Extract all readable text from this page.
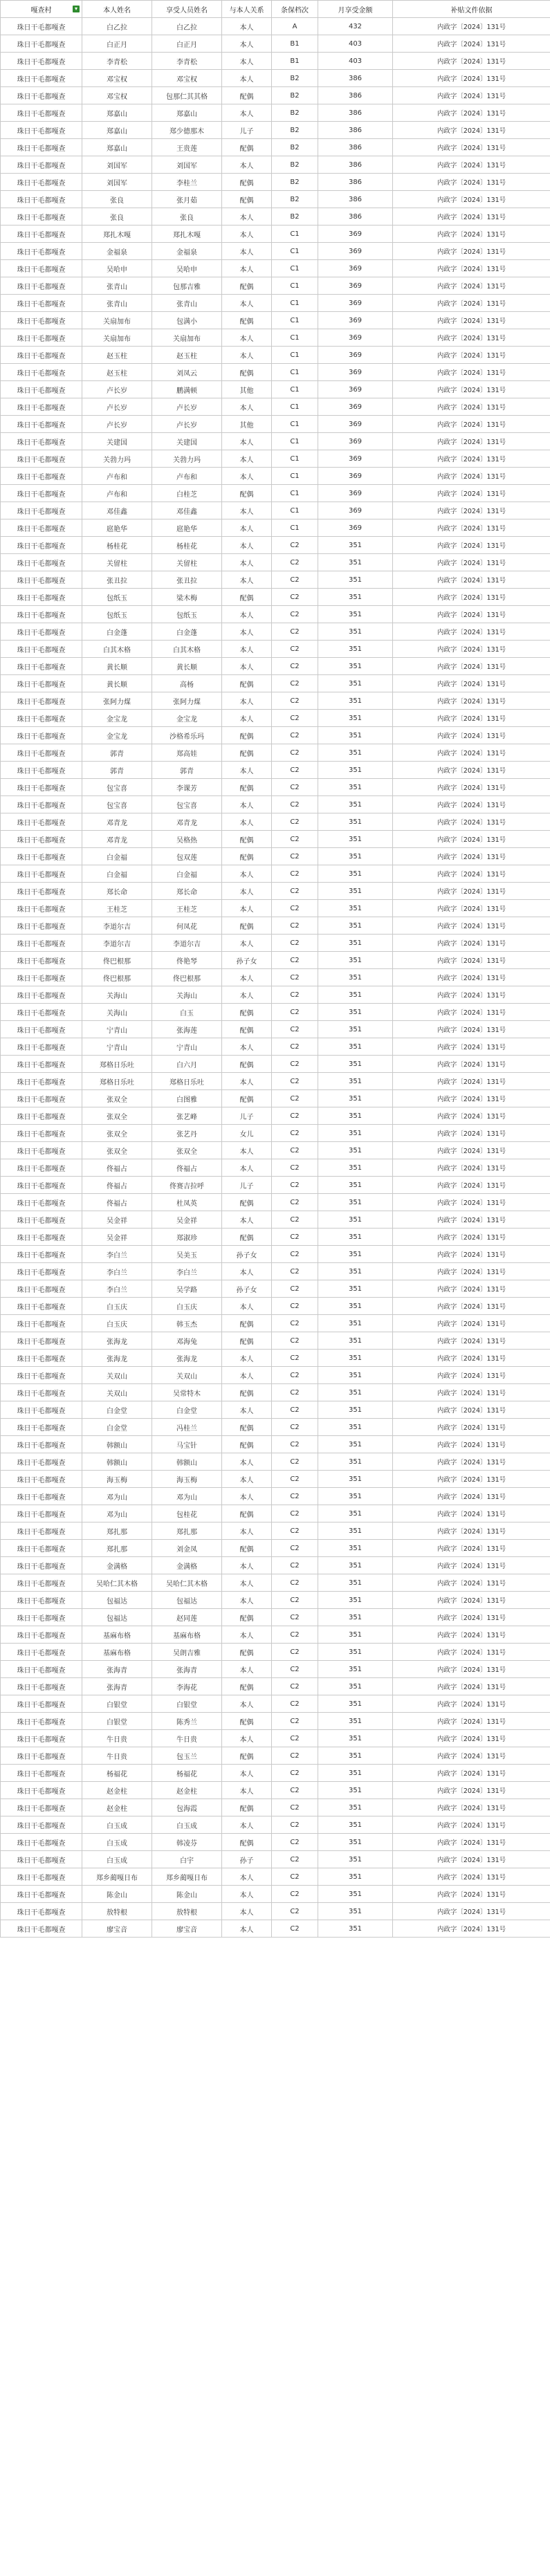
嘎查村 ▾	本人姓名	享受人员姓名	与本人关系	条保档次	月享受金额	补贴文件依据
珠日干毛都嘎查	白乙拉	白乙拉	本人	A	432	内政字〔2024〕131号
珠日干毛都嘎查	白正月	白正月	本人	B1	403	内政字〔2024〕131号
珠日干毛都嘎查	李青松	李青松	本人	B1	403	内政字〔2024〕131号
珠日干毛都嘎查	邓宝权	邓宝权	本人	B2	386	内政字〔2024〕131号
珠日干毛都嘎查	邓宝权	包那仁其其格	配偶	B2	386	内政字〔2024〕131号
珠日干毛都嘎查	郑嘉山	郑嘉山	本人	B2	386	内政字〔2024〕131号
珠日干毛都嘎查	郑嘉山	郑少德那木	儿子	B2	386	内政字〔2024〕131号
珠日干毛都嘎查	郑嘉山	王贵莲	配偶	B2	386	内政字〔2024〕131号
珠日干毛都嘎查	刘国军	刘国军	本人	B2	386	内政字〔2024〕131号
珠日干毛都嘎查	刘国军	李桂兰	配偶	B2	386	内政字〔2024〕131号
珠日干毛都嘎查	张良	张月茹	配偶	B2	386	内政字〔2024〕131号
珠日干毛都嘎查	张良	张良	本人	B2	386	内政字〔2024〕131号
珠日干毛都嘎查	郑扎木嘎	郑扎木嘎	本人	C1	369	内政字〔2024〕131号
珠日干毛都嘎查	金福泉	金福泉	本人	C1	369	内政字〔2024〕131号
珠日干毛都嘎查	吴哈申	吴哈申	本人	C1	369	内政字〔2024〕131号
珠日干毛都嘎查	张青山	包那吉雅	配偶	C1	369	内政字〔2024〕131号
珠日干毛都嘎查	张青山	张青山	本人	C1	369	内政字〔2024〕131号
珠日干毛都嘎查	关扇加布	包满小	配偶	C1	369	内政字〔2024〕131号
珠日干毛都嘎查	关扇加布	关扇加布	本人	C1	369	内政字〔2024〕131号
珠日干毛都嘎查	赵玉柱	赵玉柱	本人	C1	369	内政字〔2024〕131号
珠日干毛都嘎查	赵玉柱	刘凤云	配偶	C1	369	内政字〔2024〕131号
珠日干毛都嘎查	卢长岁	鹏满顿	其他	C1	369	内政字〔2024〕131号
珠日干毛都嘎查	卢长岁	卢长岁	本人	C1	369	内政字〔2024〕131号
珠日干毛都嘎查	卢长岁	卢长岁	其他	C1	369	内政字〔2024〕131号
珠日干毛都嘎查	关建国	关建国	本人	C1	369	内政字〔2024〕131号
珠日干毛都嘎查	关勃力玛	关勃力玛	本人	C1	369	内政字〔2024〕131号
珠日干毛都嘎查	卢布和	卢布和	本人	C1	369	内政字〔2024〕131号
珠日干毛都嘎查	卢布和	白桂芝	配偶	C1	369	内政字〔2024〕131号
珠日干毛都嘎查	邓佳鑫	邓佳鑫	本人	C1	369	内政字〔2024〕131号
珠日干毛都嘎查	扈艳华	扈艳华	本人	C1	369	内政字〔2024〕131号
珠日干毛都嘎查	杨桂花	杨桂花	本人	C2	351	内政字〔2024〕131号
珠日干毛都嘎查	关留柱	关留柱	本人	C2	351	内政字〔2024〕131号
珠日干毛都嘎查	张丑拉	张丑拉	本人	C2	351	内政字〔2024〕131号
珠日干毛都嘎查	包纸玉	梁木梅	配偶	C2	351	内政字〔2024〕131号
珠日干毛都嘎查	包纸玉	包纸玉	本人	C2	351	内政字〔2024〕131号
珠日干毛都嘎查	白金蓬	白金蓬	本人	C2	351	内政字〔2024〕131号
珠日干毛都嘎查	白其木格	白其木格	本人	C2	351	内政字〔2024〕131号
珠日干毛都嘎查	黄长顺	黄长顺	本人	C2	351	内政字〔2024〕131号
珠日干毛都嘎查	黄长顺	高杨	配偶	C2	351	内政字〔2024〕131号
珠日干毛都嘎查	张阿力煤	张阿力煤	本人	C2	351	内政字〔2024〕131号
珠日干毛都嘎查	金宝龙	金宝龙	本人	C2	351	内政字〔2024〕131号
珠日干毛都嘎查	金宝龙	沙格希乐玛	配偶	C2	351	内政字〔2024〕131号
珠日干毛都嘎查	郭青	郑高娃	配偶	C2	351	内政字〔2024〕131号
珠日干毛都嘎查	郭青	郭青	本人	C2	351	内政字〔2024〕131号
珠日干毛都嘎查	包宝喜	李课芳	配偶	C2	351	内政字〔2024〕131号
珠日干毛都嘎查	包宝喜	包宝喜	本人	C2	351	内政字〔2024〕131号
珠日干毛都嘎查	邓青龙	邓青龙	本人	C2	351	内政字〔2024〕131号
珠日干毛都嘎查	邓青龙	吴格热	配偶	C2	351	内政字〔2024〕131号
珠日干毛都嘎查	白金福	包双莲	配偶	C2	351	内政字〔2024〕131号
珠日干毛都嘎查	白金福	白金福	本人	C2	351	内政字〔2024〕131号
珠日干毛都嘎查	郑长命	郑长命	本人	C2	351	内政字〔2024〕131号
珠日干毛都嘎查	王桂芝	王桂芝	本人	C2	351	内政字〔2024〕131号
珠日干毛都嘎查	李道尔吉	何凤花	配偶	C2	351	内政字〔2024〕131号
珠日干毛都嘎查	李道尔吉	李道尔吉	本人	C2	351	内政字〔2024〕131号
珠日干毛都嘎查	佟巴根那	佟艳琴	孙子女	C2	351	内政字〔2024〕131号
珠日干毛都嘎查	佟巴根那	佟巴根那	本人	C2	351	内政字〔2024〕131号
珠日干毛都嘎查	关海山	关海山	本人	C2	351	内政字〔2024〕131号
珠日干毛都嘎查	关海山	白玉	配偶	C2	351	内政字〔2024〕131号
珠日干毛都嘎查	宁青山	张海莲	配偶	C2	351	内政字〔2024〕131号
珠日干毛都嘎查	宁青山	宁青山	本人	C2	351	内政字〔2024〕131号
珠日干毛都嘎查	郑格日乐吐	白六月	配偶	C2	351	内政字〔2024〕131号
珠日干毛都嘎查	郑格日乐吐	郑格日乐吐	本人	C2	351	内政字〔2024〕131号
珠日干毛都嘎查	张双全	白图雅	配偶	C2	351	内政字〔2024〕131号
珠日干毛都嘎查	张双全	张艺峰	儿子	C2	351	内政字〔2024〕131号
珠日干毛都嘎查	张双全	张艺丹	女儿	C2	351	内政字〔2024〕131号
珠日干毛都嘎查	张双全	张双全	本人	C2	351	内政字〔2024〕131号
珠日干毛都嘎查	佟福占	佟福占	本人	C2	351	内政字〔2024〕131号
珠日干毛都嘎查	佟福占	佟赛吉拉呼	儿子	C2	351	内政字〔2024〕131号
珠日干毛都嘎查	佟福占	杜凤英	配偶	C2	351	内政字〔2024〕131号
珠日干毛都嘎查	吴金祥	吴金祥	本人	C2	351	内政字〔2024〕131号
珠日干毛都嘎查	吴金祥	郑淑珍	配偶	C2	351	内政字〔2024〕131号
珠日干毛都嘎查	李白兰	吴美玉	孙子女	C2	351	内政字〔2024〕131号
珠日干毛都嘎查	李白兰	李白兰	本人	C2	351	内政字〔2024〕131号
珠日干毛都嘎查	李白兰	吴学路	孙子女	C2	351	内政字〔2024〕131号
珠日干毛都嘎查	白玉庆	白玉庆	本人	C2	351	内政字〔2024〕131号
珠日干毛都嘎查	白玉庆	韩玉杰	配偶	C2	351	内政字〔2024〕131号
珠日干毛都嘎查	张海龙	邓海兔	配偶	C2	351	内政字〔2024〕131号
珠日干毛都嘎查	张海龙	张海龙	本人	C2	351	内政字〔2024〕131号
珠日干毛都嘎查	关双山	关双山	本人	C2	351	内政字〔2024〕131号
珠日干毛都嘎查	关双山	吴常特木	配偶	C2	351	内政字〔2024〕131号
珠日干毛都嘎查	白金堂	白金堂	本人	C2	351	内政字〔2024〕131号
珠日干毛都嘎查	白金堂	冯桂兰	配偶	C2	351	内政字〔2024〕131号
珠日干毛都嘎查	韩额山	马宝针	配偶	C2	351	内政字〔2024〕131号
珠日干毛都嘎查	韩额山	韩额山	本人	C2	351	内政字〔2024〕131号
珠日干毛都嘎查	海玉梅	海玉梅	本人	C2	351	内政字〔2024〕131号
珠日干毛都嘎查	邓为山	邓为山	本人	C2	351	内政字〔2024〕131号
珠日干毛都嘎查	邓为山	包桂花	配偶	C2	351	内政字〔2024〕131号
珠日干毛都嘎查	郑扎那	郑扎那	本人	C2	351	内政字〔2024〕131号
珠日干毛都嘎查	郑扎那	刘金凤	配偶	C2	351	内政字〔2024〕131号
珠日干毛都嘎查	金满格	金满格	本人	C2	351	内政字〔2024〕131号
珠日干毛都嘎查	吴哈仁其木格	吴哈仁其木格	本人	C2	351	内政字〔2024〕131号
珠日干毛都嘎查	包福达	包福达	本人	C2	351	内政字〔2024〕131号
珠日干毛都嘎查	包福达	赵同莲	配偶	C2	351	内政字〔2024〕131号
珠日干毛都嘎查	基麻布格	基麻布格	本人	C2	351	内政字〔2024〕131号
珠日干毛都嘎查	基麻布格	吴朗吉雅	配偶	C2	351	内政字〔2024〕131号
珠日干毛都嘎查	张海青	张海青	本人	C2	351	内政字〔2024〕131号
珠日干毛都嘎查	张海青	李海花	配偶	C2	351	内政字〔2024〕131号
珠日干毛都嘎查	白银堂	白银堂	本人	C2	351	内政字〔2024〕131号
珠日干毛都嘎查	白银堂	陈秀兰	配偶	C2	351	内政字〔2024〕131号
珠日干毛都嘎查	牛日贵	牛日贵	本人	C2	351	内政字〔2024〕131号
珠日干毛都嘎查	牛日贵	包玉兰	配偶	C2	351	内政字〔2024〕131号
珠日干毛都嘎查	杨福花	杨福花	本人	C2	351	内政字〔2024〕131号
珠日干毛都嘎查	赵金柱	赵金柱	本人	C2	351	内政字〔2024〕131号
珠日干毛都嘎查	赵金柱	包海霞	配偶	C2	351	内政字〔2024〕131号
珠日干毛都嘎查	白玉成	白玉成	本人	C2	351	内政字〔2024〕131号
珠日干毛都嘎查	白玉成	韩凌芬	配偶	C2	351	内政字〔2024〕131号
珠日干毛都嘎查	白玉成	白宇	孙子	C2	351	内政字〔2024〕131号
珠日干毛都嘎查	郑乡蔺嘎日布	郑乡蔺嘎日布	本人	C2	351	内政字〔2024〕131号
珠日干毛都嘎查	陈金山	陈金山	本人	C2	351	内政字〔2024〕131号
珠日干毛都嘎查	敖特根	敖特根	本人	C2	351	内政字〔2024〕131号
珠日干毛都嘎查	廖宝音	廖宝音	本人	C2	351	内政字〔2024〕131号
